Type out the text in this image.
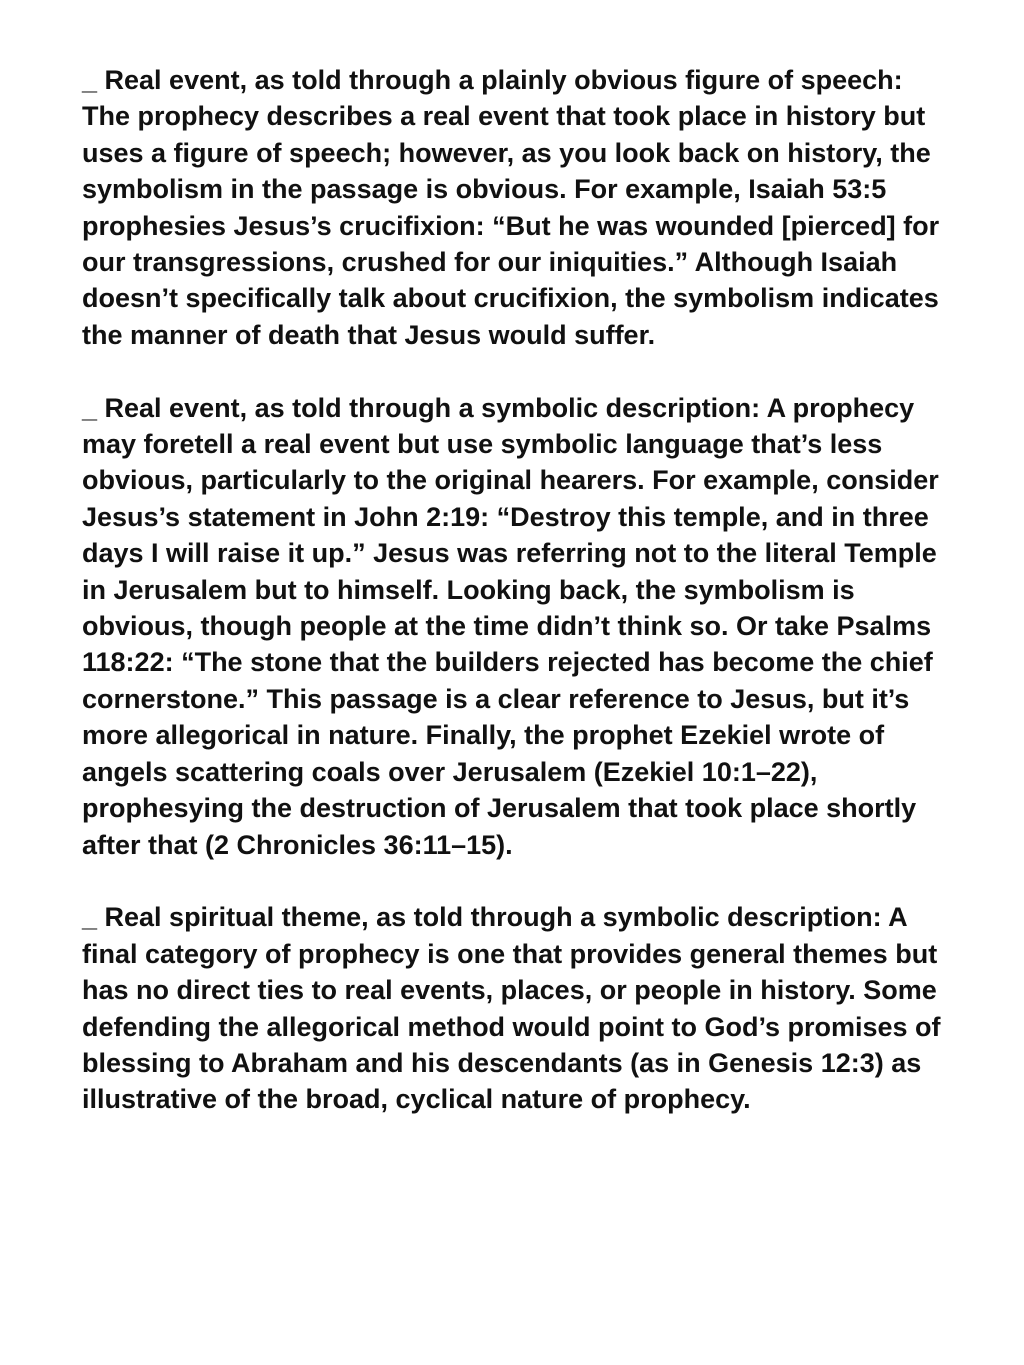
_ Real event, as told through a plainly obvious figure of speech: The prophecy describes a real event that took place in history but uses a figure of speech; however, as you look back on history, the symbolism in the passage is obvious. For example, Isaiah 53:5 prophesies Jesus’s crucifixion: “But he was wounded [pierced] for our transgressions, crushed for our iniquities.” Although Isaiah doesn’t specifically talk about crucifixion, the symbolism indicates the manner of death that Jesus would suffer.

_ Real event, as told through a symbolic description: A prophecy may foretell a real event but use symbolic language that’s less obvious, particularly to the original hearers. For example, consider Jesus’s statement in John 2:19: “Destroy this temple, and in three days I will raise it up.” Jesus was referring not to the literal Temple in Jerusalem but to himself. Looking back, the symbolism is obvious, though people at the time didn’t think so. Or take Psalms 118:22: “The stone that the builders rejected has become the chief cornerstone.” This passage is a clear reference to Jesus, but it’s more allegorical in nature. Finally, the prophet Ezekiel wrote of angels scattering coals over Jerusalem (Ezekiel 10:1–22), prophesying the destruction of Jerusalem that took place shortly after that (2 Chronicles 36:11–15).

_ Real spiritual theme, as told through a symbolic description: A final category of prophecy is one that provides general themes but has no direct ties to real events, places, or people in history. Some defending the allegorical method would point to God’s promises of blessing to Abraham and his descendants (as in Genesis 12:3) as illustrative of the broad, cyclical nature of prophecy.
